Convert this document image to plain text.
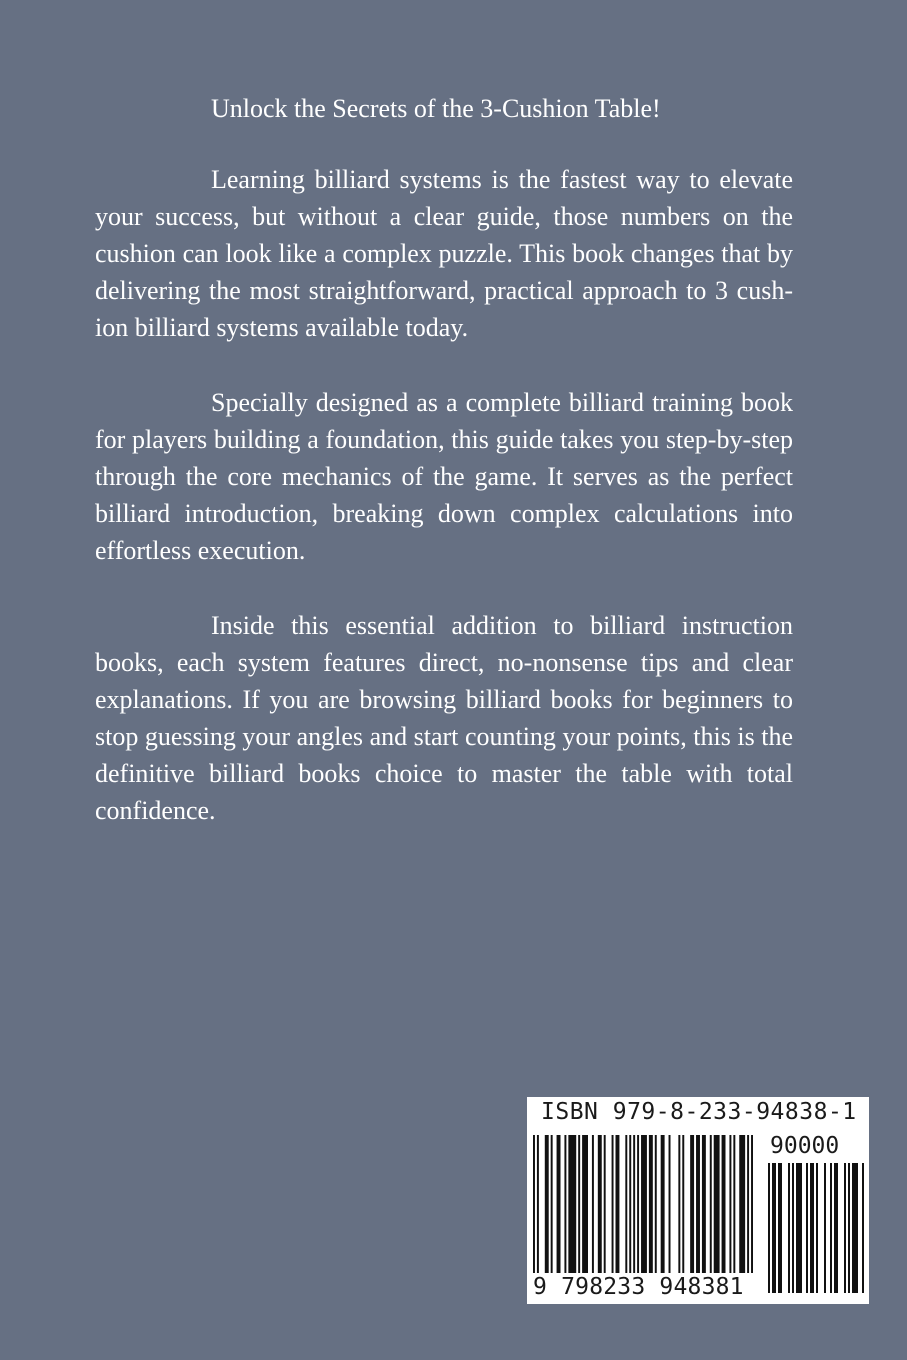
Unlock the Secrets of the 3-Cushion Table!

Learning billiard systems is the fastest way to elevate your success, but without a clear guide, those numbers on the cushion can look like a complex puzzle. This book changes that by delivering the most straightforward, practical approach to 3 cushion billiard systems available today.

Specially designed as a complete billiard training book for players building a foundation, this guide takes you step-by-step through the core mechanics of the game. It serves as the perfect billiard introduction, breaking down complex calculations into effortless execution.

Inside this essential addition to billiard instruction books, each system features direct, no-nonsense tips and clear explanations. If you are browsing billiard books for beginners to stop guessing your angles and start counting your points, this is the definitive billiard books choice to master the table with total confidence.

ISBN 979-8-233-94838-1
90000
9 798233 948381
